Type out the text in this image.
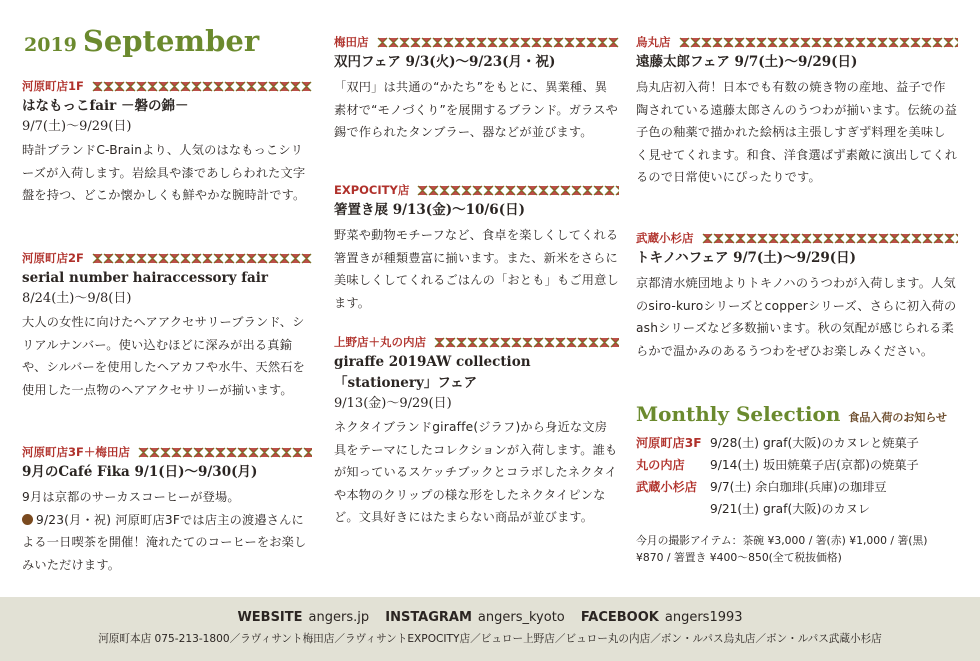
2019 September
河原町店1F
はなもっこfair －磐の錦－
9/7(土)〜9/29(日)
時計ブランドC-Brainより、人気のはなもっこシリーズが入荷します。岩絵具や漆であしらわれた文字盤を持つ、どこか懐かしくも鮮やかな腕時計です。
河原町店2F
serial number hairaccessory fair
8/24(土)〜9/8(日)
大人の女性に向けたヘアアクセサリーブランド、シリアルナンバー。使い込むほどに深みが出る真鍮や、シルバーを使用したヘアカフや水牛、天然石を使用した一点物のヘアアクセサリーが揃います。
河原町店3F＋梅田店
9月のCafé Fika 9/1(日)〜9/30(月)
9月は京都のサーカスコーヒーが登場。
9/23(月・祝) 河原町店3Fでは店主の渡邉さんによる一日喫茶を開催！淹れたてのコーヒーをお楽しみいただけます。
梅田店
双円フェア 9/3(火)〜9/23(月・祝)
「双円」は共通の“かたち”をもとに、異業種、異素材で“モノづくり”を展開するブランド。ガラスや錫で作られたタンブラー、器などが並びます。
EXPOCITY店
箸置き展 9/13(金)〜10/6(日)
野菜や動物モチーフなど、食卓を楽しくしてくれる箸置きが種類豊富に揃います。また、新米をさらに美味しくしてくれるごはんの「おとも」もご用意します。
上野店＋丸の内店
giraffe 2019AW collection
「stationery」フェア
9/13(金)〜9/29(日)
ネクタイブランドgiraffe(ジラフ)から身近な文房具をテーマにしたコレクションが入荷します。誰もが知っているスケッチブックとコラボしたネクタイや本物のクリップの様な形をしたネクタイピンなど。文具好きにはたまらない商品が並びます。
烏丸店
遠藤太郎フェア 9/7(土)〜9/29(日)
烏丸店初入荷！日本でも有数の焼き物の産地、益子で作陶されている遠藤太郎さんのうつわが揃います。伝統の益子色の釉薬で描かれた絵柄は主張しすぎず料理を美味しく見せてくれます。和食、洋食選ばず素敵に演出してくれるので日常使いにぴったりです。
武蔵小杉店
トキノハフェア 9/7(土)〜9/29(日)
京都清水焼団地よりトキノハのうつわが入荷します。人気のsiro-kuroシリーズとcopperシリーズ、さらに初入荷のashシリーズなど多数揃います。秋の気配が感じられる柔らかで温かみのあるうつわをぜひお楽しみください。
Monthly Selection 食品入荷のお知らせ
河原町店3F 9/28(土) graf(大阪)のカヌレと焼菓子
丸の内店	9/14(土) 坂田焼菓子店(京都)の焼菓子
武蔵小杉店	9/7(土) 余白珈琲(兵庫)の珈琲豆
9/21(土) graf(大阪)のカヌレ
今月の撮影アイテム：茶碗 ¥3,000 / 箸(赤) ¥1,000 / 箸(黒) ¥870 / 箸置き ¥400〜850(全て税抜価格)
WEBSITE angers.jp INSTAGRAM angers_kyoto FACEBOOK angers1993
河原町本店 075-213-1800／ラヴィサント梅田店／ラヴィサントEXPOCITY店／ビュロー上野店／ビュロー丸の内店／ボン・ルパス烏丸店／ボン・ルパス武蔵小杉店
